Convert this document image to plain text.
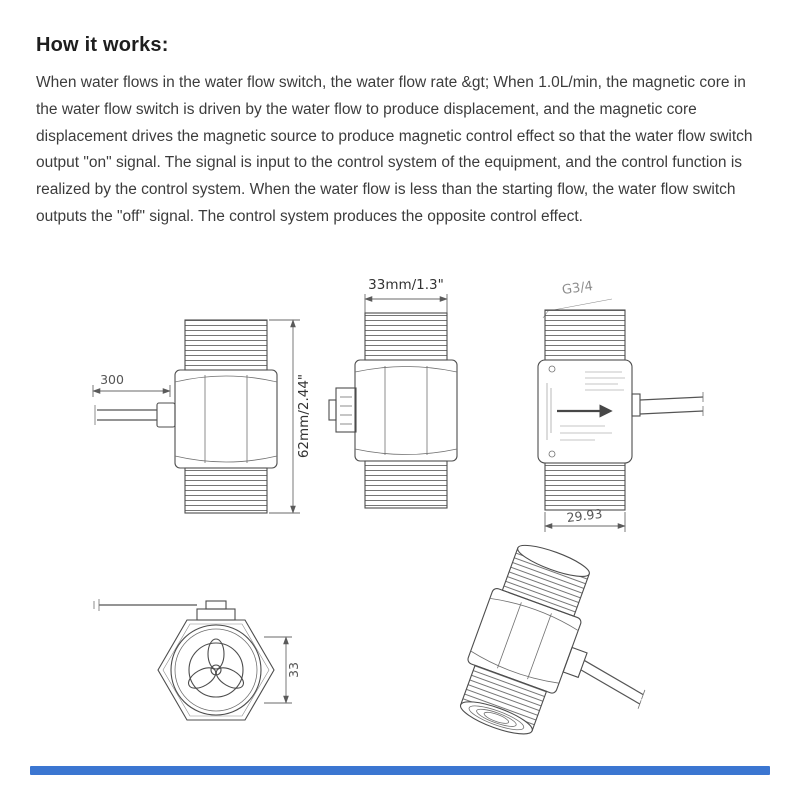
How it works:

When water flows in the water flow switch, the water flow rate &gt; When 1.0L/min, the magnetic core in the water flow switch is driven by the water flow to produce displacement, and the magnetic core displacement drives the magnetic source to produce magnetic control effect so that the water flow switch output "on" signal. The signal is input to the control system of the equipment, and the control function is realized by the control system. When the water flow is less than the starting flow, the water flow switch outputs the "off" signal. The control system produces the opposite control effect.

300	62mm/2.44"
33mm/1.3"	G3/4
29.93
33
